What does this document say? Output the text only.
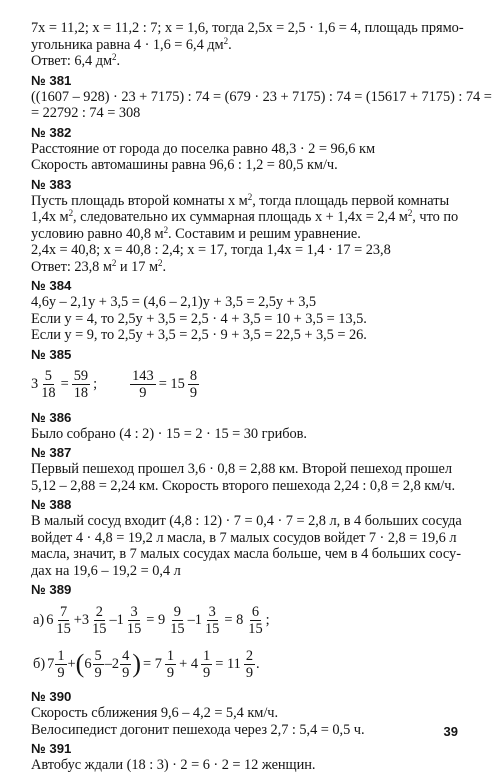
7x = 11,2; x = 11,2 : 7; x = 1,6, тогда 2,5x = 2,5 · 1,6 = 4, площадь прямо-
угольника равна 4 · 1,6 = 6,4 $дм^2$.
Ответ: 6,4 $дм^2$.
№ 381
((1607 – 928) · 23 + 7175) : 74 = (679 · 23 + 7175) : 74 = (15617 + 7175) : 74 =
= 22792 : 74 = 308
№ 382
Расстояние от города до поселка равно 48,3 · 2 = 96,6 км
Скорость автомашины равна 96,6 : 1,2 = 80,5 км/ч.
№ 383
Пусть площадь второй комнаты x $м^2$, тогда площадь первой комнаты
1,4x $м^2$, следовательно их суммарная площадь x + 1,4x = 2,4 $м^2$, что по
условию равно 40,8 $м^2$. Составим и решим уравнение.
2,4x = 40,8; x = 40,8 : 2,4; x = 17, тогда 1,4x = 1,4 · 17 = 23,8
Ответ: 23,8 $м^2$ и 17 $м^2$.
№ 384
4,6y – 2,1y + 3,5 = (4,6 – 2,1)y + 3,5 = 2,5y + 3,5
Если y = 4, то 2,5y + 3,5 = 2,5 · 4 + 3,5 = 10 + 3,5 = 13,5.
Если y = 9, то 2,5y + 3,5 = 2,5 · 9 + 3,5 = 22,5 + 3,5 = 26.
№ 385
$3 \frac{5}{18} = \frac{59}{18}$ ; $\frac{143}{9} = 15$ 8
9
№ 386
Было собрано (4 : 2) · 15 = 2 · 15 = 30 грибов.
№ 387
Первый пешеход прошел 3,6 · 0,8 = 2,88 км. Второй пешеход прошел
5,12 – 2,88 = 2,24 км. Скорость второго пешехода 2,24 : 0,8 = 2,8 км/ч.
№ 388
В малый сосуд входит (4,8 : 12) · 7 = 0,4 · 7 = 2,8 л, в 4 больших сосуда
войдет 4 · 4,8 = 19,2 л масла, в 7 малых сосудов войдет 7 · 2,8 = 19,6 л
масла, значит, в 7 малых сосудах масла больше, чем в 4 больших сосу-
дах на 19,6 – 19,2 = 0,4 л
№ 389
а) 6 7
15
+3 2
15
$-1 \frac{3}{15} = 9$ 9
15
$-1 \frac{3}{15} = 8$ 6
15
;
б) 7 1
9
+ ( 6 5
9
–2 4
9 ) = 7 1
9
+ $4 \frac{1}{9} = 11$ 2
9
.
№ 390
Скорость сближения 9,6 – 4,2 = 5,4 км/ч.
Велосипедист догонит пешехода через 2,7 : 5,4 = 0,5 ч.
№ 391
Автобус ждали (18 : 3) · 2 = 6 · 2 = 12 женщин.
39
